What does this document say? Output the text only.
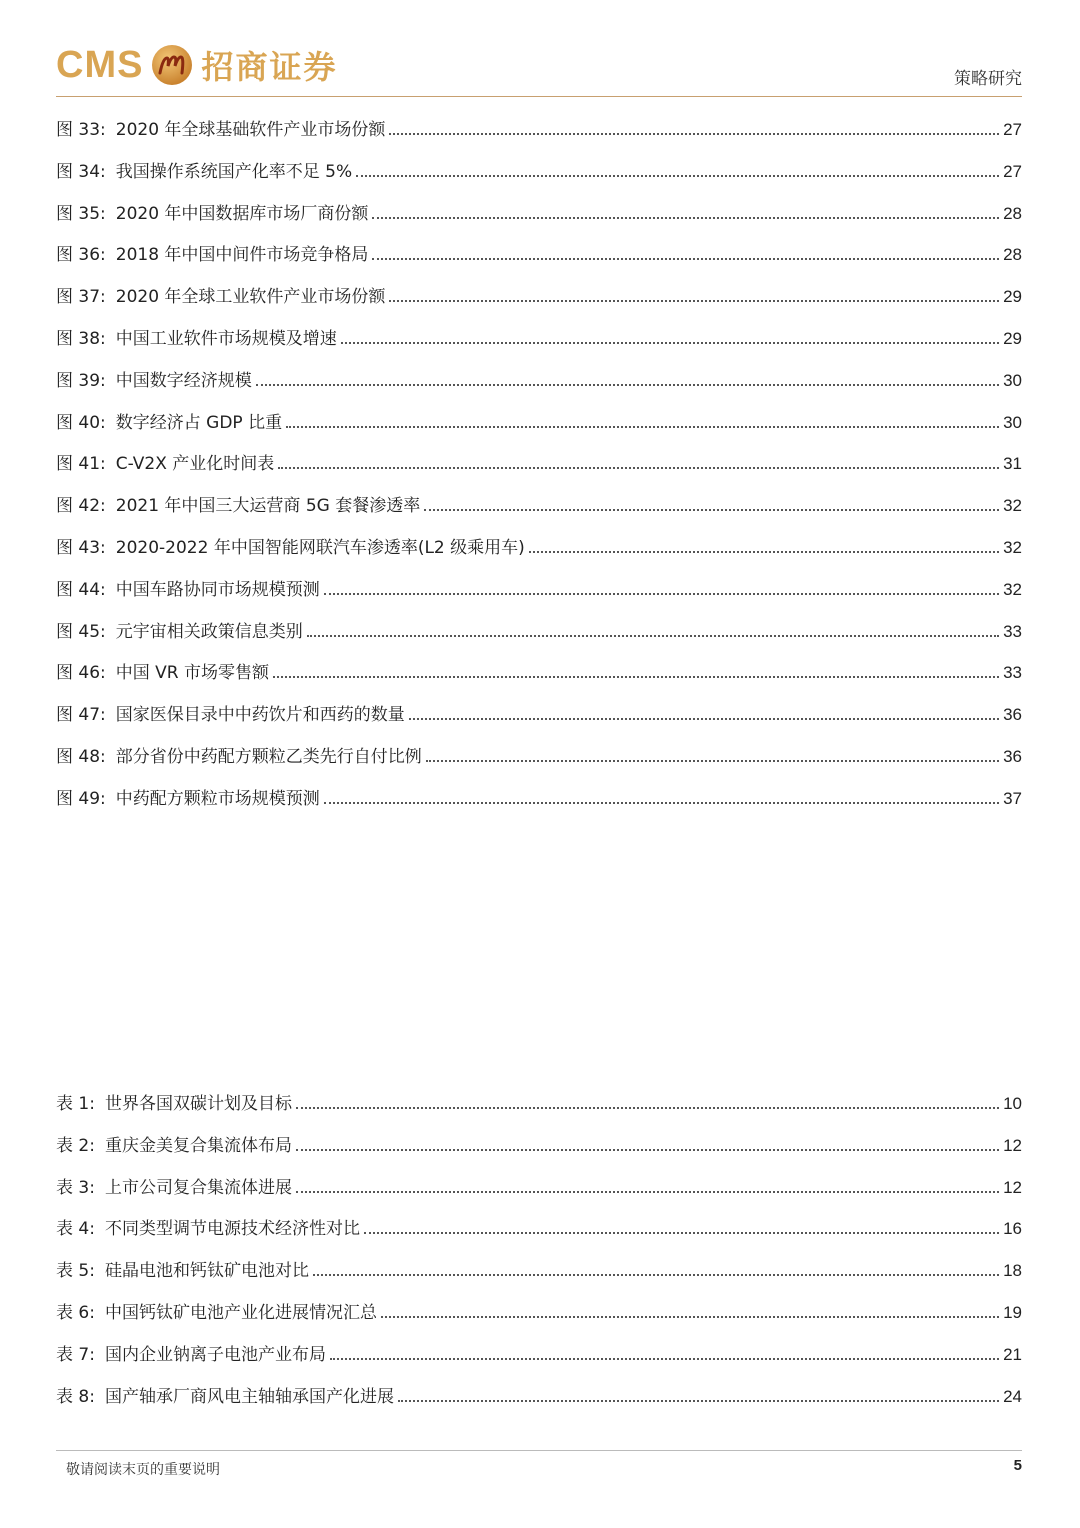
CMS 招商证券	策略研究
图 33: 2020 年全球基础软件产业市场份额	27
图 34: 我国操作系统国产化率不足 5%	27
图 35: 2020 年中国数据库市场厂商份额	28
图 36: 2018 年中国中间件市场竞争格局	28
图 37: 2020 年全球工业软件产业市场份额	29
图 38: 中国工业软件市场规模及增速	29
图 39: 中国数字经济规模	30
图 40: 数字经济占 GDP 比重	30
图 41: C-V2X 产业化时间表	31
图 42: 2021 年中国三大运营商 5G 套餐渗透率	32
图 43: 2020-2022 年中国智能网联汽车渗透率(L2 级乘用车)	32
图 44: 中国车路协同市场规模预测	32
图 45: 元宇宙相关政策信息类别	33
图 46: 中国 VR 市场零售额	33
图 47: 国家医保目录中中药饮片和西药的数量	36
图 48: 部分省份中药配方颗粒乙类先行自付比例	36
图 49: 中药配方颗粒市场规模预测	37
表 1: 世界各国双碳计划及目标	10
表 2: 重庆金美复合集流体布局	12
表 3: 上市公司复合集流体进展	12
表 4: 不同类型调节电源技术经济性对比	16
表 5: 硅晶电池和钙钛矿电池对比	18
表 6: 中国钙钛矿电池产业化进展情况汇总	19
表 7: 国内企业钠离子电池产业布局	21
表 8: 国产轴承厂商风电主轴轴承国产化进展	24
敬请阅读末页的重要说明	5
